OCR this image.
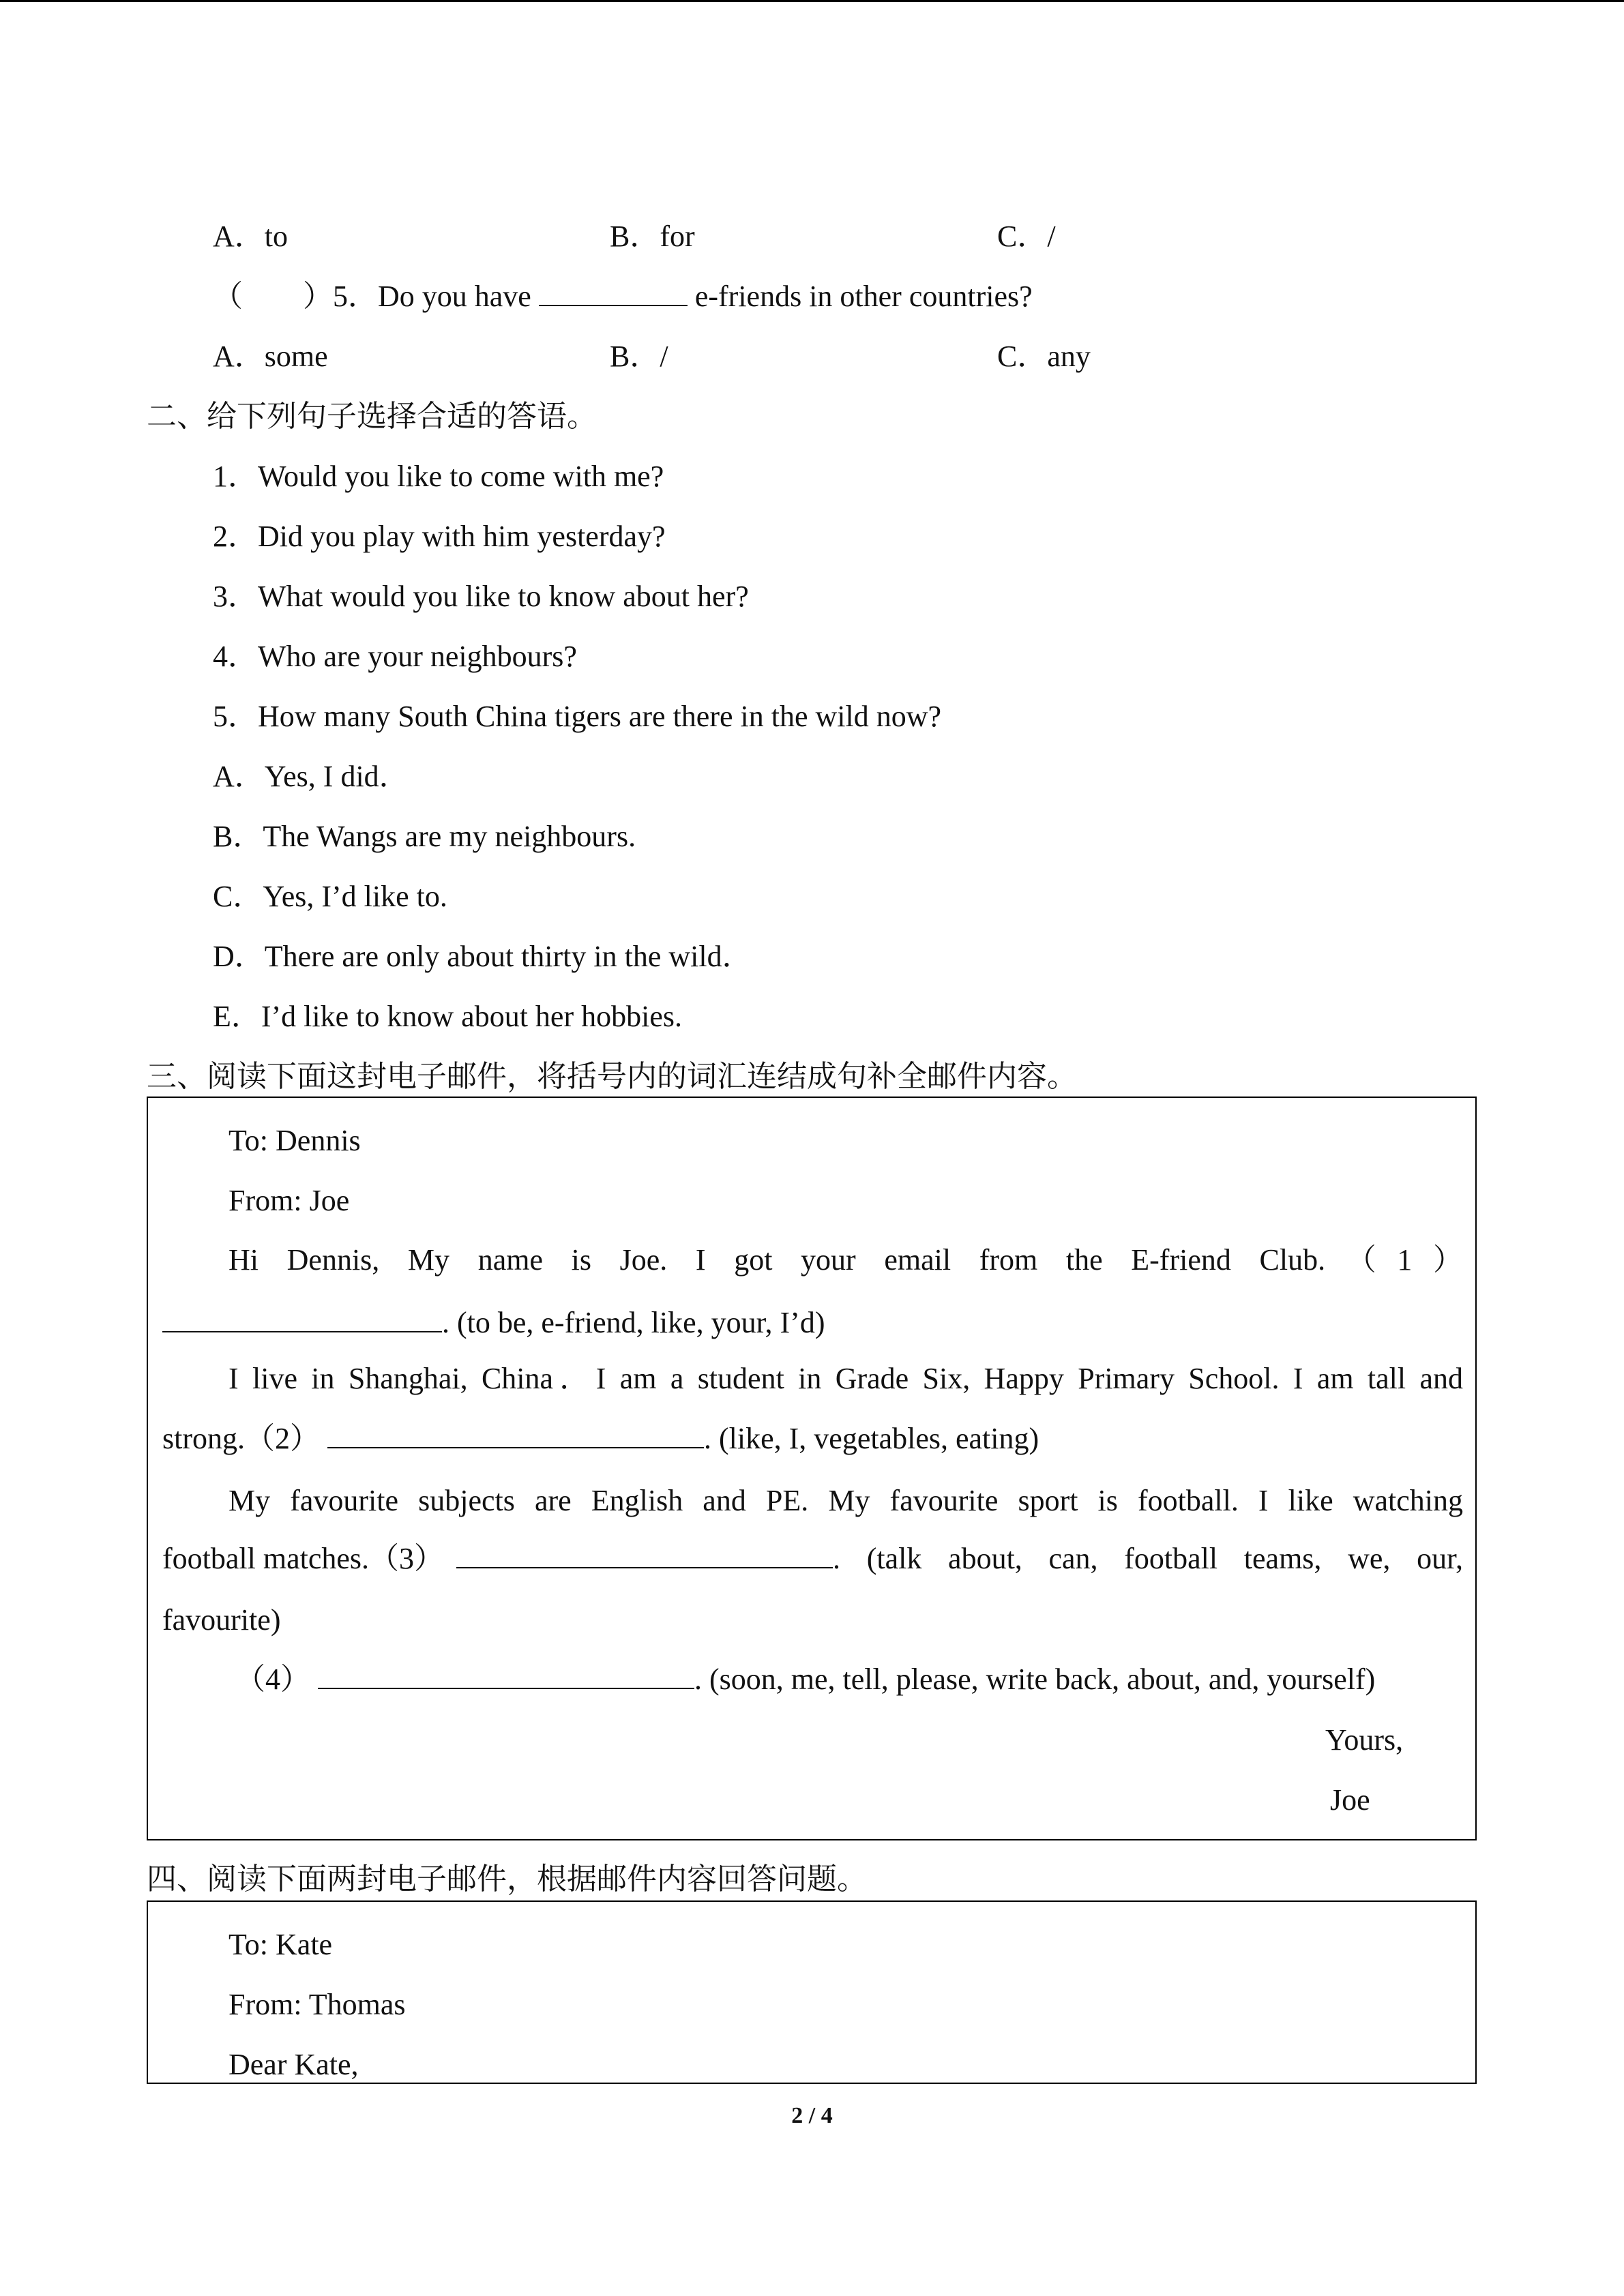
A．to	B．for	C．/
（　　）5．Do you have	e-friends in other countries?
A．some	B．/	C．any
二、给下列句子选择合适的答语。
1．Would you like to come with me?
2．Did you play with him yesterday?
3．What would you like to know about her?
4．Who are your neighbours?
5．How many South China tigers are there in the wild now?
A．Yes, I did．
B．The Wangs are my neighbours.
C．Yes, I’d like to.
D．There are only about thirty in the wild．
E．I’d like to know about her hobbies.
三、阅读下面这封电子邮件，将括号内的词汇连结成句补全邮件内容。
To: Dennis
From: Joe
Hi Dennis, My name is Joe. I got your email from the E-friend Club.（1）
. (to be, e-friend, like, your, I’d)
I live in Shanghai, China．I am a student in Grade Six, Happy Primary School. I am tall and
strong.（2）	. (like, I, vegetables, eating)
My favourite subjects are English and PE. My favourite sport is football. I like watching
football matches.（3）	. (talk about, can, football teams, we, our,
favourite)
（4）	. (soon, me, tell, please, write back, about, and, yourself)
Yours,
Joe
四、阅读下面两封电子邮件，根据邮件内容回答问题。
To: Kate
From: Thomas
Dear Kate,
2 / 4
